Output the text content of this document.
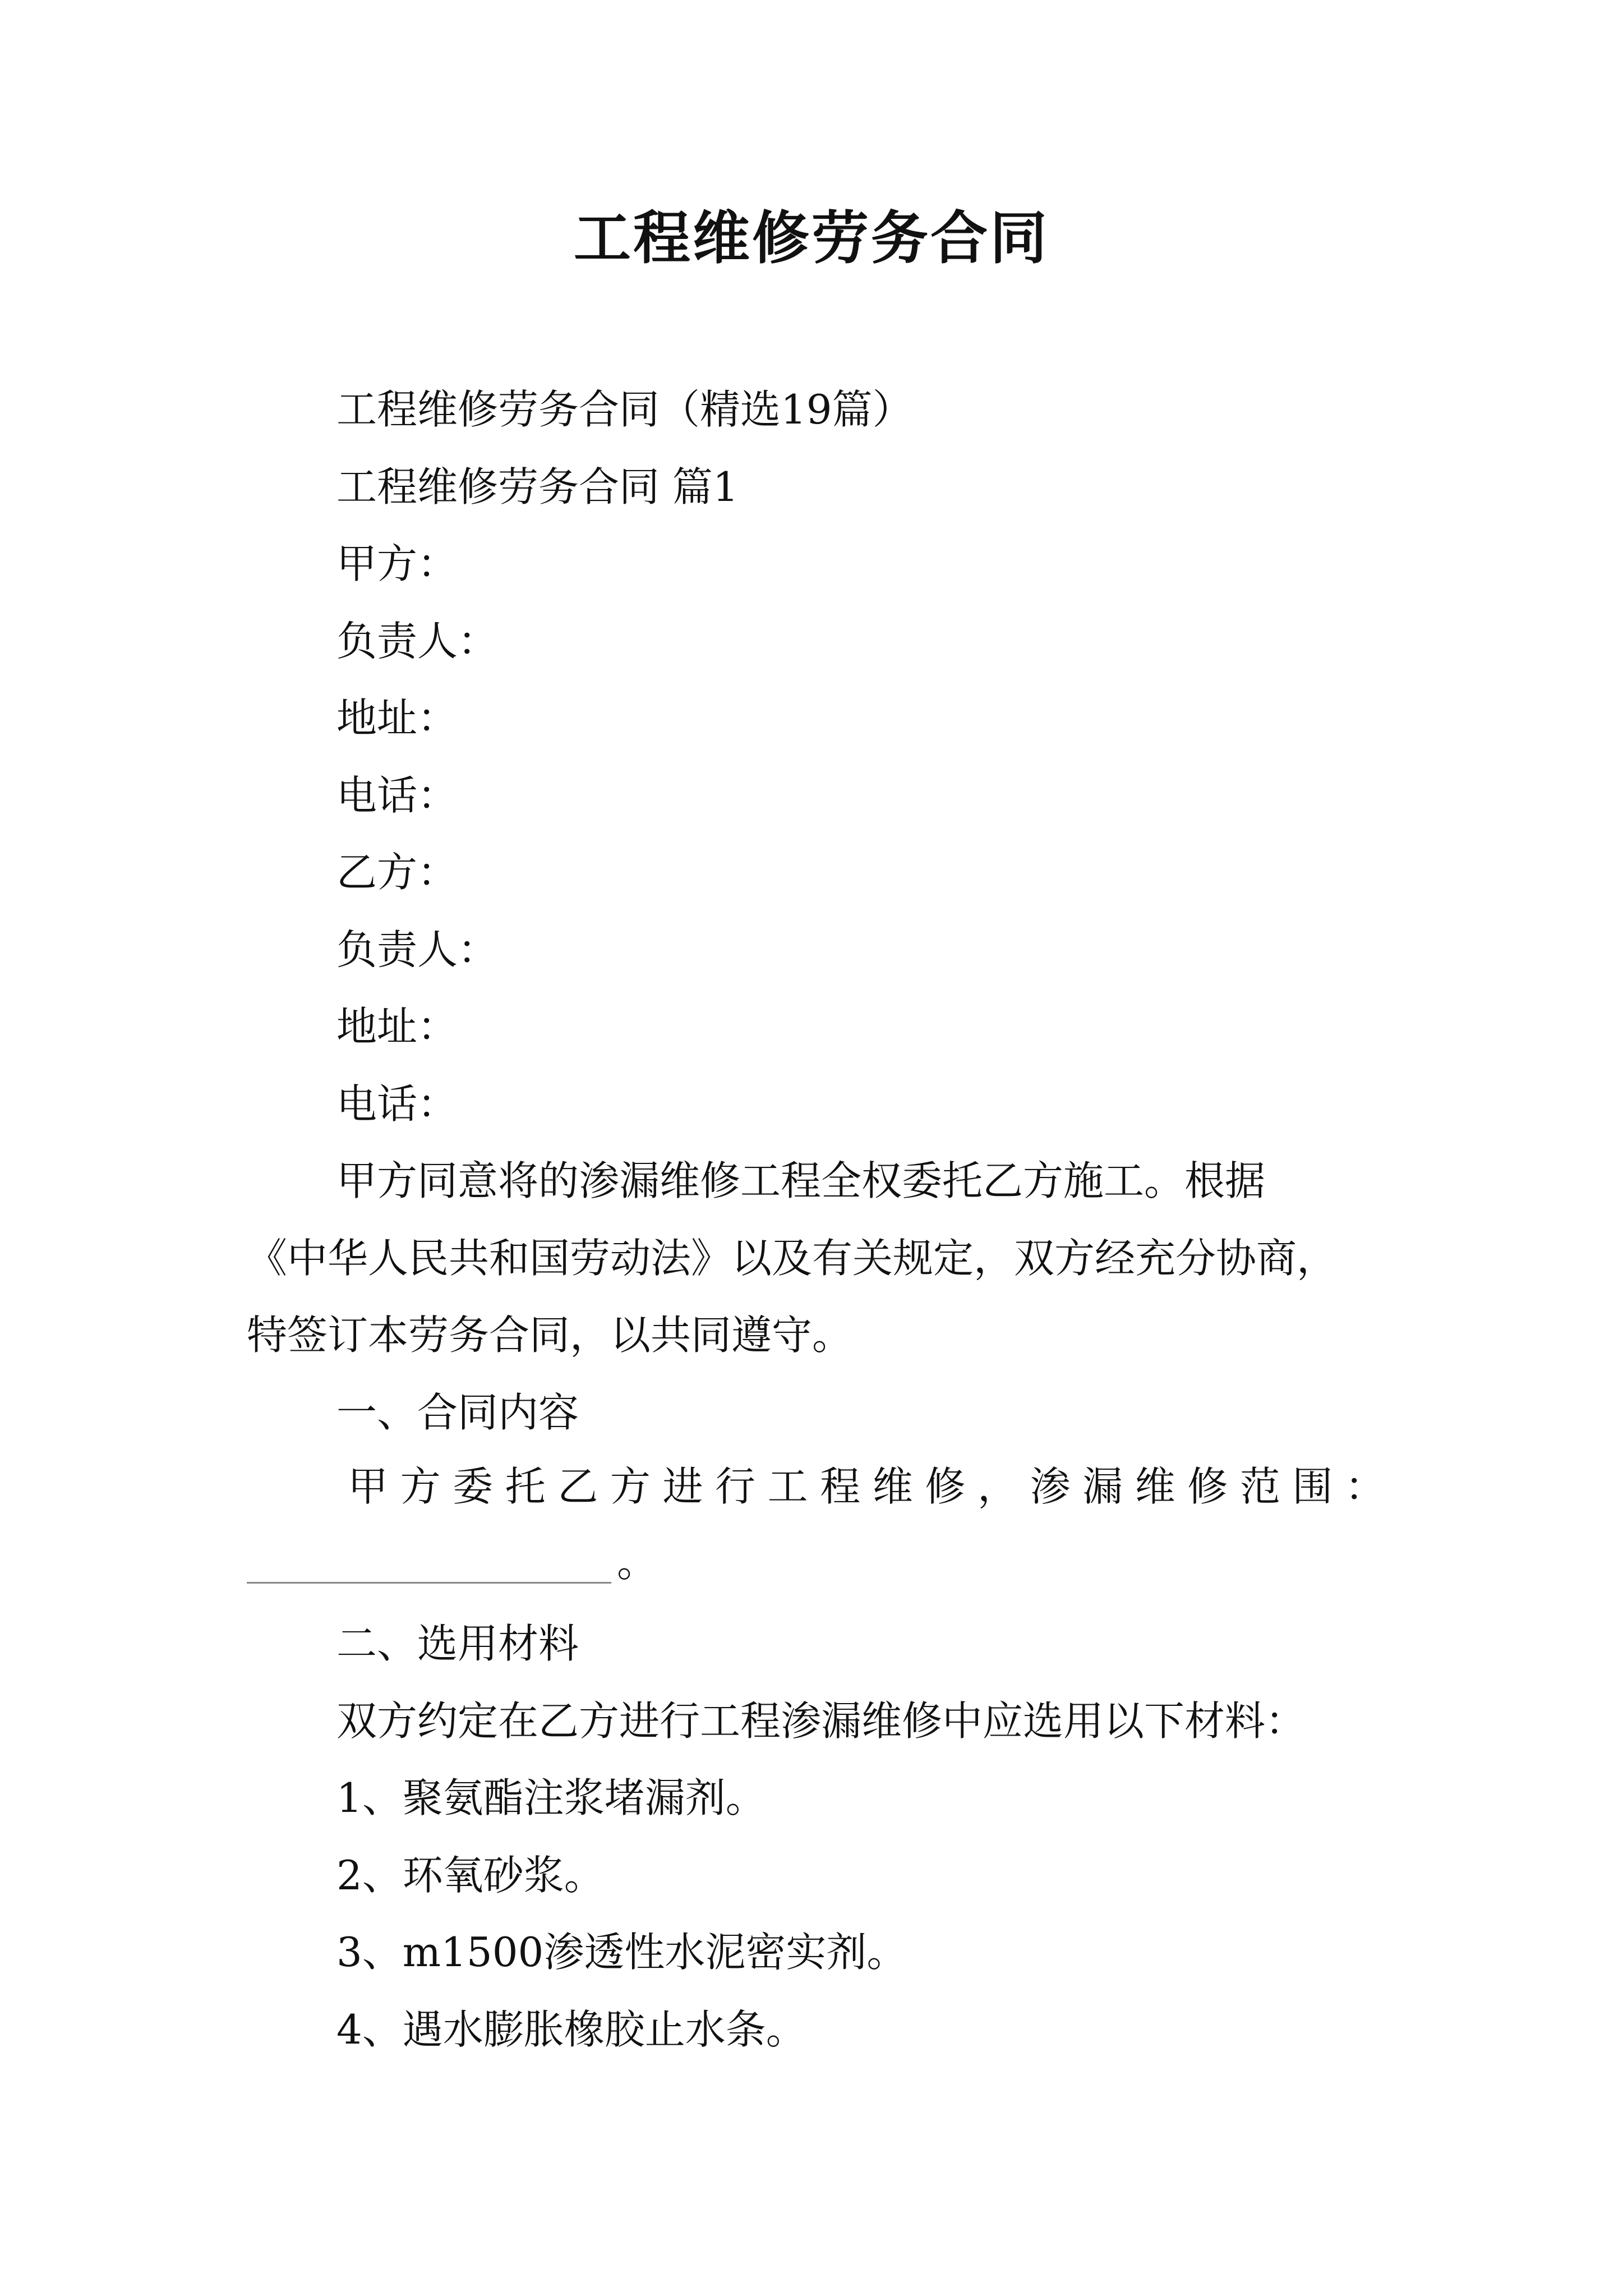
工程维修劳务合同
工程维修劳务合同（精选19篇）
工程维修劳务合同 篇1
甲方：
负责人：
地址：
电话：
乙方：
负责人：
地址：
电话：
甲方同意将的渗漏维修工程全权委托乙方施工。根据
《中华人民共和国劳动法》以及有关规定，双方经充分协商，
特签订本劳务合同，以共同遵守。
一、合同内容
甲 方 委 托 乙 方 进 行 工 程 维 修 ， 渗 漏 维 修 范 围 ：
。
二、选用材料
双方约定在乙方进行工程渗漏维修中应选用以下材料：
1、聚氨酯注浆堵漏剂。
2、环氧砂浆。
3、m1500渗透性水泥密实剂。
4、遇水膨胀橡胶止水条。
